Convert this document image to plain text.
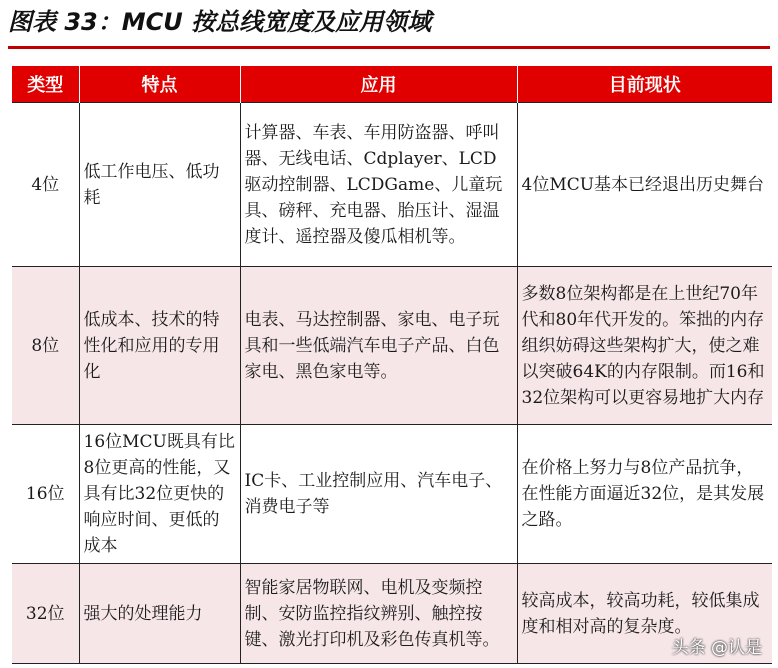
图表 33：MCU 按总线宽度及应用领域
类型	特点	应用	目前现状
4位	低工作电压、低功耗	计算器、车表、车用防盗器、呼叫器、无线电话、Cdplayer、LCD驱动控制器、LCDGame、儿童玩具、磅秤、充电器、胎压计、湿温度计、遥控器及傻瓜相机等。	4位MCU基本已经退出历史舞台
8位	低成本、技术的特性化和应用的专用化	电表、马达控制器、家电、电子玩具和一些低端汽车电子产品、白色家电、黑色家电等。	多数8位架构都是在上世纪70年代和80年代开发的。笨拙的内存组织妨碍这些架构扩大，使之难以突破64K的内存限制。而16和32位架构可以更容易地扩大内存
16位	16位MCU既具有比8位更高的性能，又具有比32位更快的响应时间、更低的成本	IC卡、工业控制应用、汽车电子、消费电子等	在价格上努力与8位产品抗争，在性能方面逼近32位，是其发展之路。
32位	强大的处理能力	智能家居物联网、电机及变频控制、安防监控指纹辨别、触控按键、激光打印机及彩色传真机等。	较高成本，较高功耗，较低集成度和相对高的复杂度。
头条 @认是
